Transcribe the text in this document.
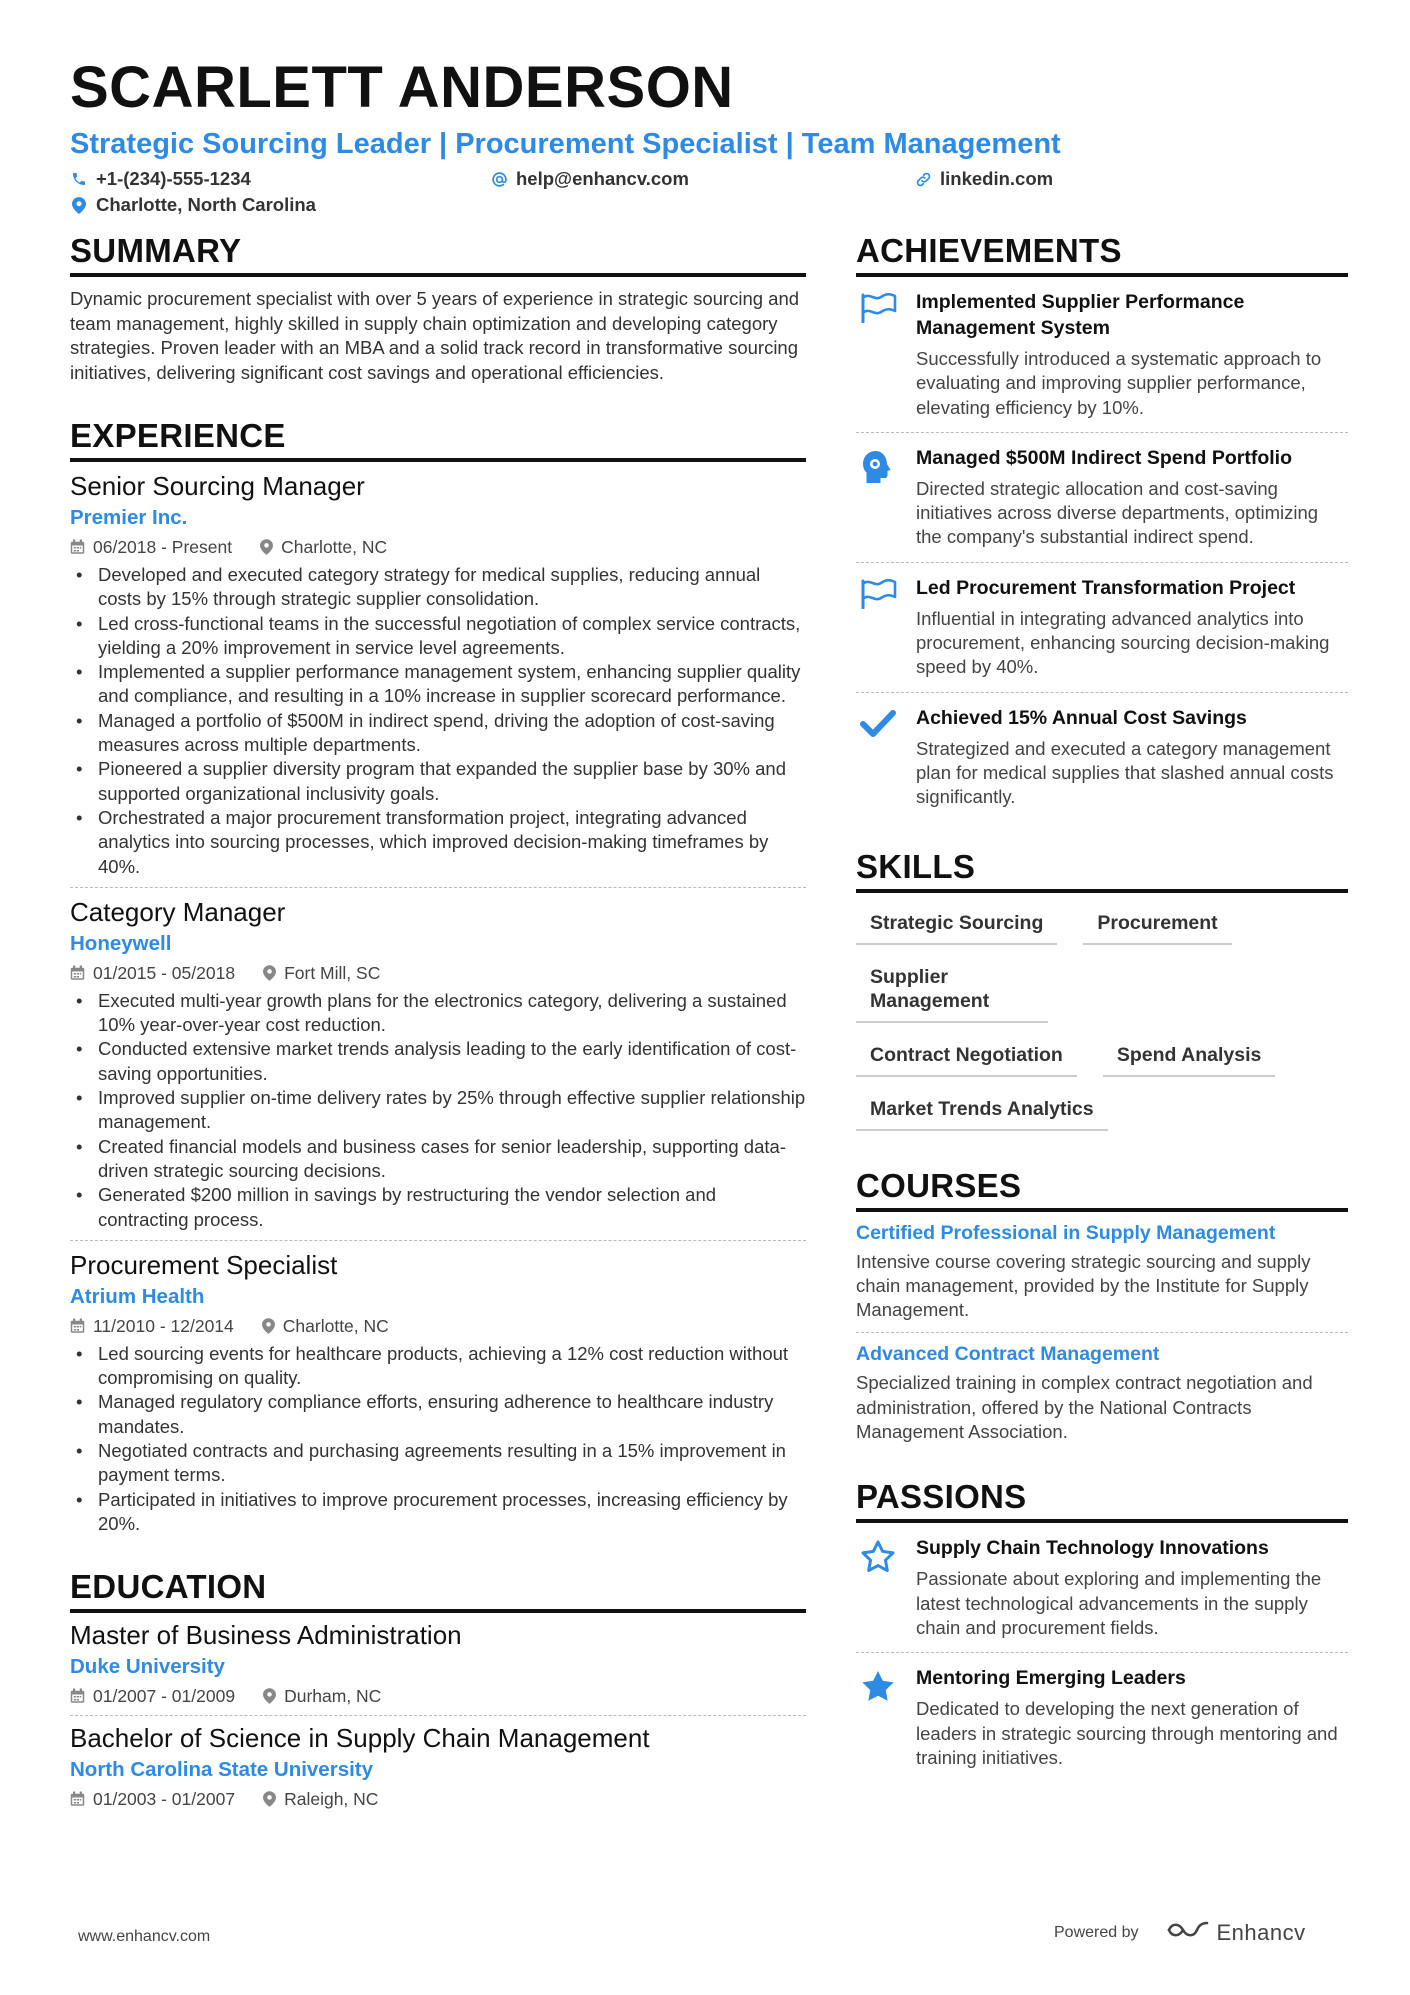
SCARLETT ANDERSON
Strategic Sourcing Leader | Procurement Specialist | Team Management
+1-(234)-555-1234	help@enhancv.com	linkedin.com
Charlotte, North Carolina
SUMMARY
Dynamic procurement specialist with over 5 years of experience in strategic sourcing and team management, highly skilled in supply chain optimization and developing category strategies. Proven leader with an MBA and a solid track record in transformative sourcing initiatives, delivering significant cost savings and operational efficiencies.
EXPERIENCE
Senior Sourcing Manager
Premier Inc.
06/2018 - Present	Charlotte, NC
• Developed and executed category strategy for medical supplies, reducing annual costs by 15% through strategic supplier consolidation.
• Led cross-functional teams in the successful negotiation of complex service contracts, yielding a 20% improvement in service level agreements.
• Implemented a supplier performance management system, enhancing supplier quality and compliance, and resulting in a 10% increase in supplier scorecard performance.
• Managed a portfolio of $500M in indirect spend, driving the adoption of cost-saving measures across multiple departments.
• Pioneered a supplier diversity program that expanded the supplier base by 30% and supported organizational inclusivity goals.
• Orchestrated a major procurement transformation project, integrating advanced analytics into sourcing processes, which improved decision-making timeframes by 40%.
Category Manager
Honeywell
01/2015 - 05/2018	Fort Mill, SC
• Executed multi-year growth plans for the electronics category, delivering a sustained 10% year-over-year cost reduction.
• Conducted extensive market trends analysis leading to the early identification of cost-saving opportunities.
• Improved supplier on-time delivery rates by 25% through effective supplier relationship management.
• Created financial models and business cases for senior leadership, supporting data-driven strategic sourcing decisions.
• Generated $200 million in savings by restructuring the vendor selection and contracting process.
Procurement Specialist
Atrium Health
11/2010 - 12/2014	Charlotte, NC
• Led sourcing events for healthcare products, achieving a 12% cost reduction without compromising on quality.
• Managed regulatory compliance efforts, ensuring adherence to healthcare industry mandates.
• Negotiated contracts and purchasing agreements resulting in a 15% improvement in payment terms.
• Participated in initiatives to improve procurement processes, increasing efficiency by 20%.
EDUCATION
Master of Business Administration
Duke University
01/2007 - 01/2009	Durham, NC
Bachelor of Science in Supply Chain Management
North Carolina State University
01/2003 - 01/2007	Raleigh, NC
ACHIEVEMENTS
Implemented Supplier Performance Management System
Successfully introduced a systematic approach to evaluating and improving supplier performance, elevating efficiency by 10%.
Managed $500M Indirect Spend Portfolio
Directed strategic allocation and cost-saving initiatives across diverse departments, optimizing the company's substantial indirect spend.
Led Procurement Transformation Project
Influential in integrating advanced analytics into procurement, enhancing sourcing decision-making speed by 40%.
Achieved 15% Annual Cost Savings
Strategized and executed a category management plan for medical supplies that slashed annual costs significantly.
SKILLS
Strategic Sourcing	Procurement
Supplier Management
Contract Negotiation	Spend Analysis
Market Trends Analytics
COURSES
Certified Professional in Supply Management
Intensive course covering strategic sourcing and supply chain management, provided by the Institute for Supply Management.
Advanced Contract Management
Specialized training in complex contract negotiation and administration, offered by the National Contracts Management Association.
PASSIONS
Supply Chain Technology Innovations
Passionate about exploring and implementing the latest technological advancements in the supply chain and procurement fields.
Mentoring Emerging Leaders
Dedicated to developing the next generation of leaders in strategic sourcing through mentoring and training initiatives.
www.enhancv.com	Powered by	Enhancv
